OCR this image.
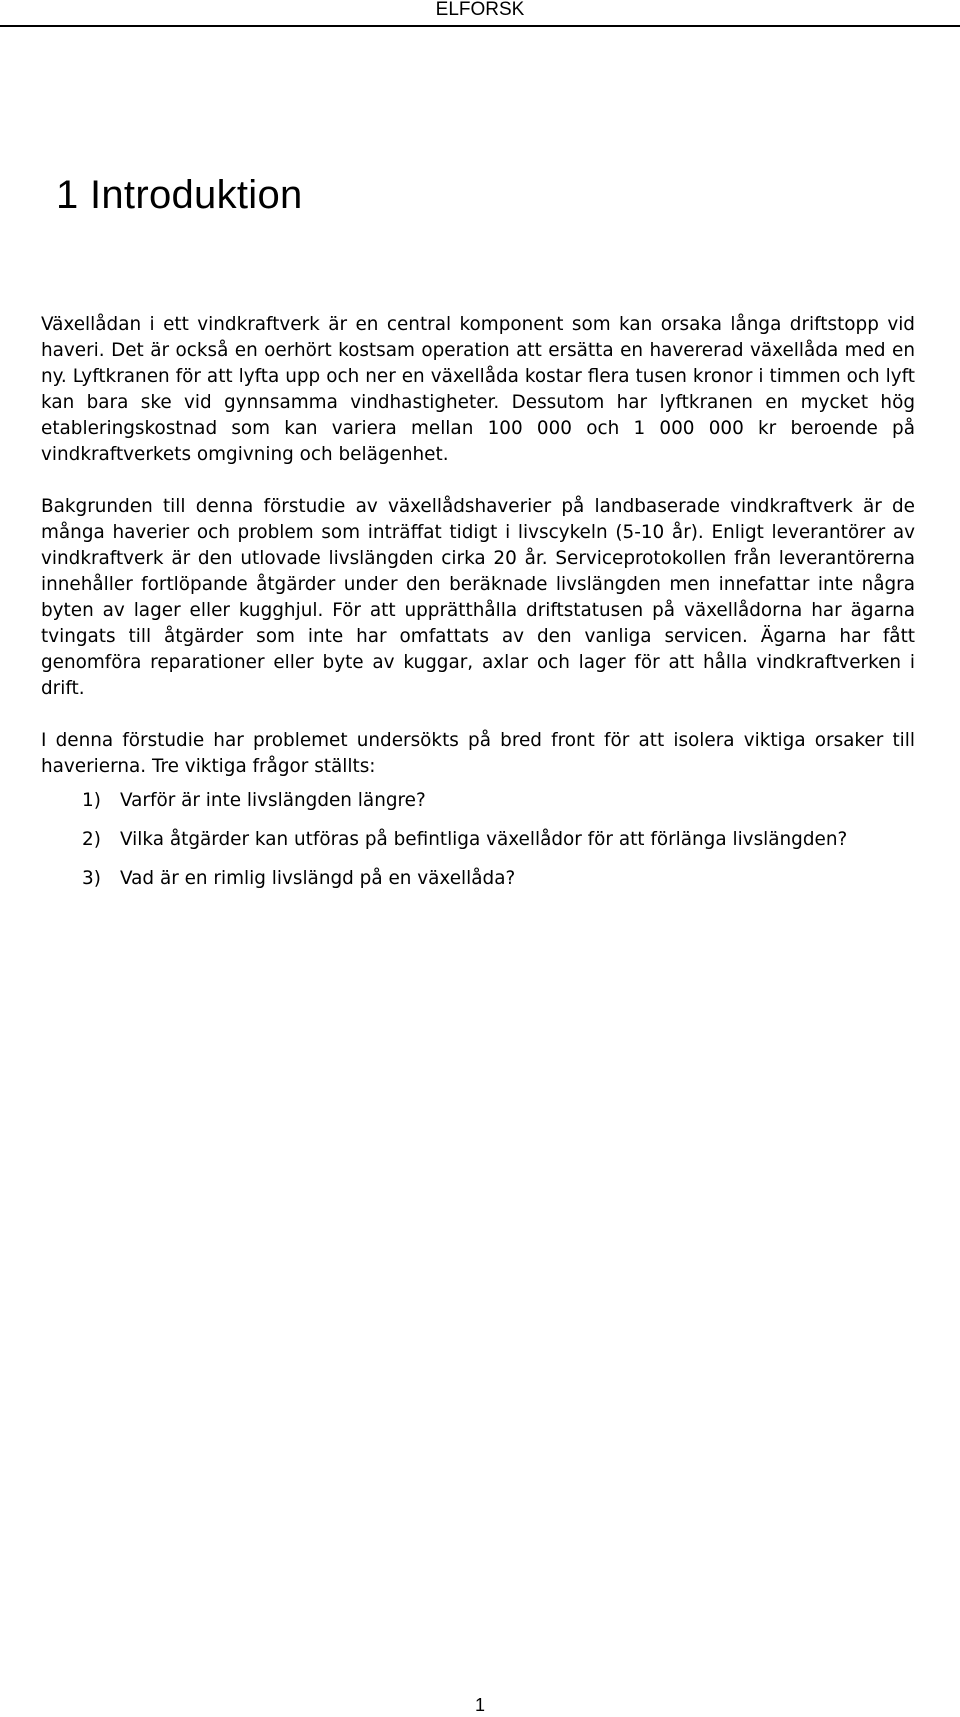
ELFORSK
1 Introduktion

Växellådan i ett vindkraftverk är en central komponent som kan orsaka långa driftstopp vid haveri. Det är också en oerhört kostsam operation att ersätta en havererad växellåda med en ny. Lyftkranen för att lyfta upp och ner en växellåda kostar flera tusen kronor i timmen och lyft kan bara ske vid gynnsamma vindhastigheter. Dessutom har lyftkranen en mycket hög etableringskostnad som kan variera mellan 100 000 och 1 000 000 kr beroende på vindkraftverkets omgivning och belägenhet.

Bakgrunden till denna förstudie av växellådshaverier på landbaserade vindkraftverk är de många haverier och problem som inträffat tidigt i livscykeln (5-10 år). Enligt leverantörer av vindkraftverk är den utlovade livslängden cirka 20 år. Serviceprotokollen från leverantörerna innehåller fortlöpande åtgärder under den beräknade livslängden men innefattar inte några byten av lager eller kugghjul. För att upprätthålla driftstatusen på växellådorna har ägarna tvingats till åtgärder som inte har omfattats av den vanliga servicen. Ägarna har fått genomföra reparationer eller byte av kuggar, axlar och lager för att hålla vindkraftverken i drift.

I denna förstudie har problemet undersökts på bred front för att isolera viktiga orsaker till haverierna. Tre viktiga frågor ställts:

1) Varför är inte livslängden längre?
2) Vilka åtgärder kan utföras på befintliga växellådor för att förlänga livslängden?
3) Vad är en rimlig livslängd på en växellåda?
1
